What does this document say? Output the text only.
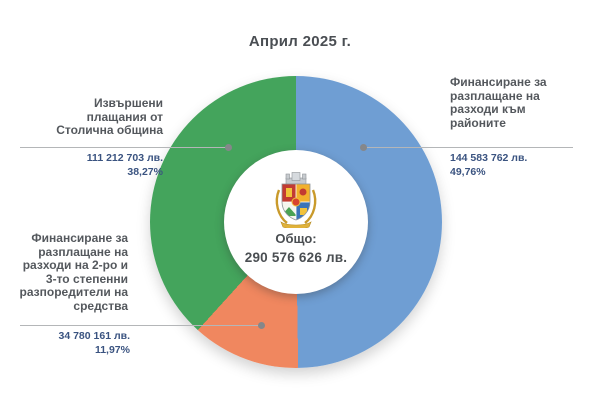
Април 2025 г.
Общо:
290 576 626 лв.
Извършени
плащания от
Столична община
111 212 703 лв.
38,27%
Финансиране за
разплащане на
разходи към
районите
144 583 762 лв.
49,76%
Финансиране за
разплащане на
разходи на 2-ро и
3-то степенни
разпоредители на
средства
34 780 161 лв.
11,97%
